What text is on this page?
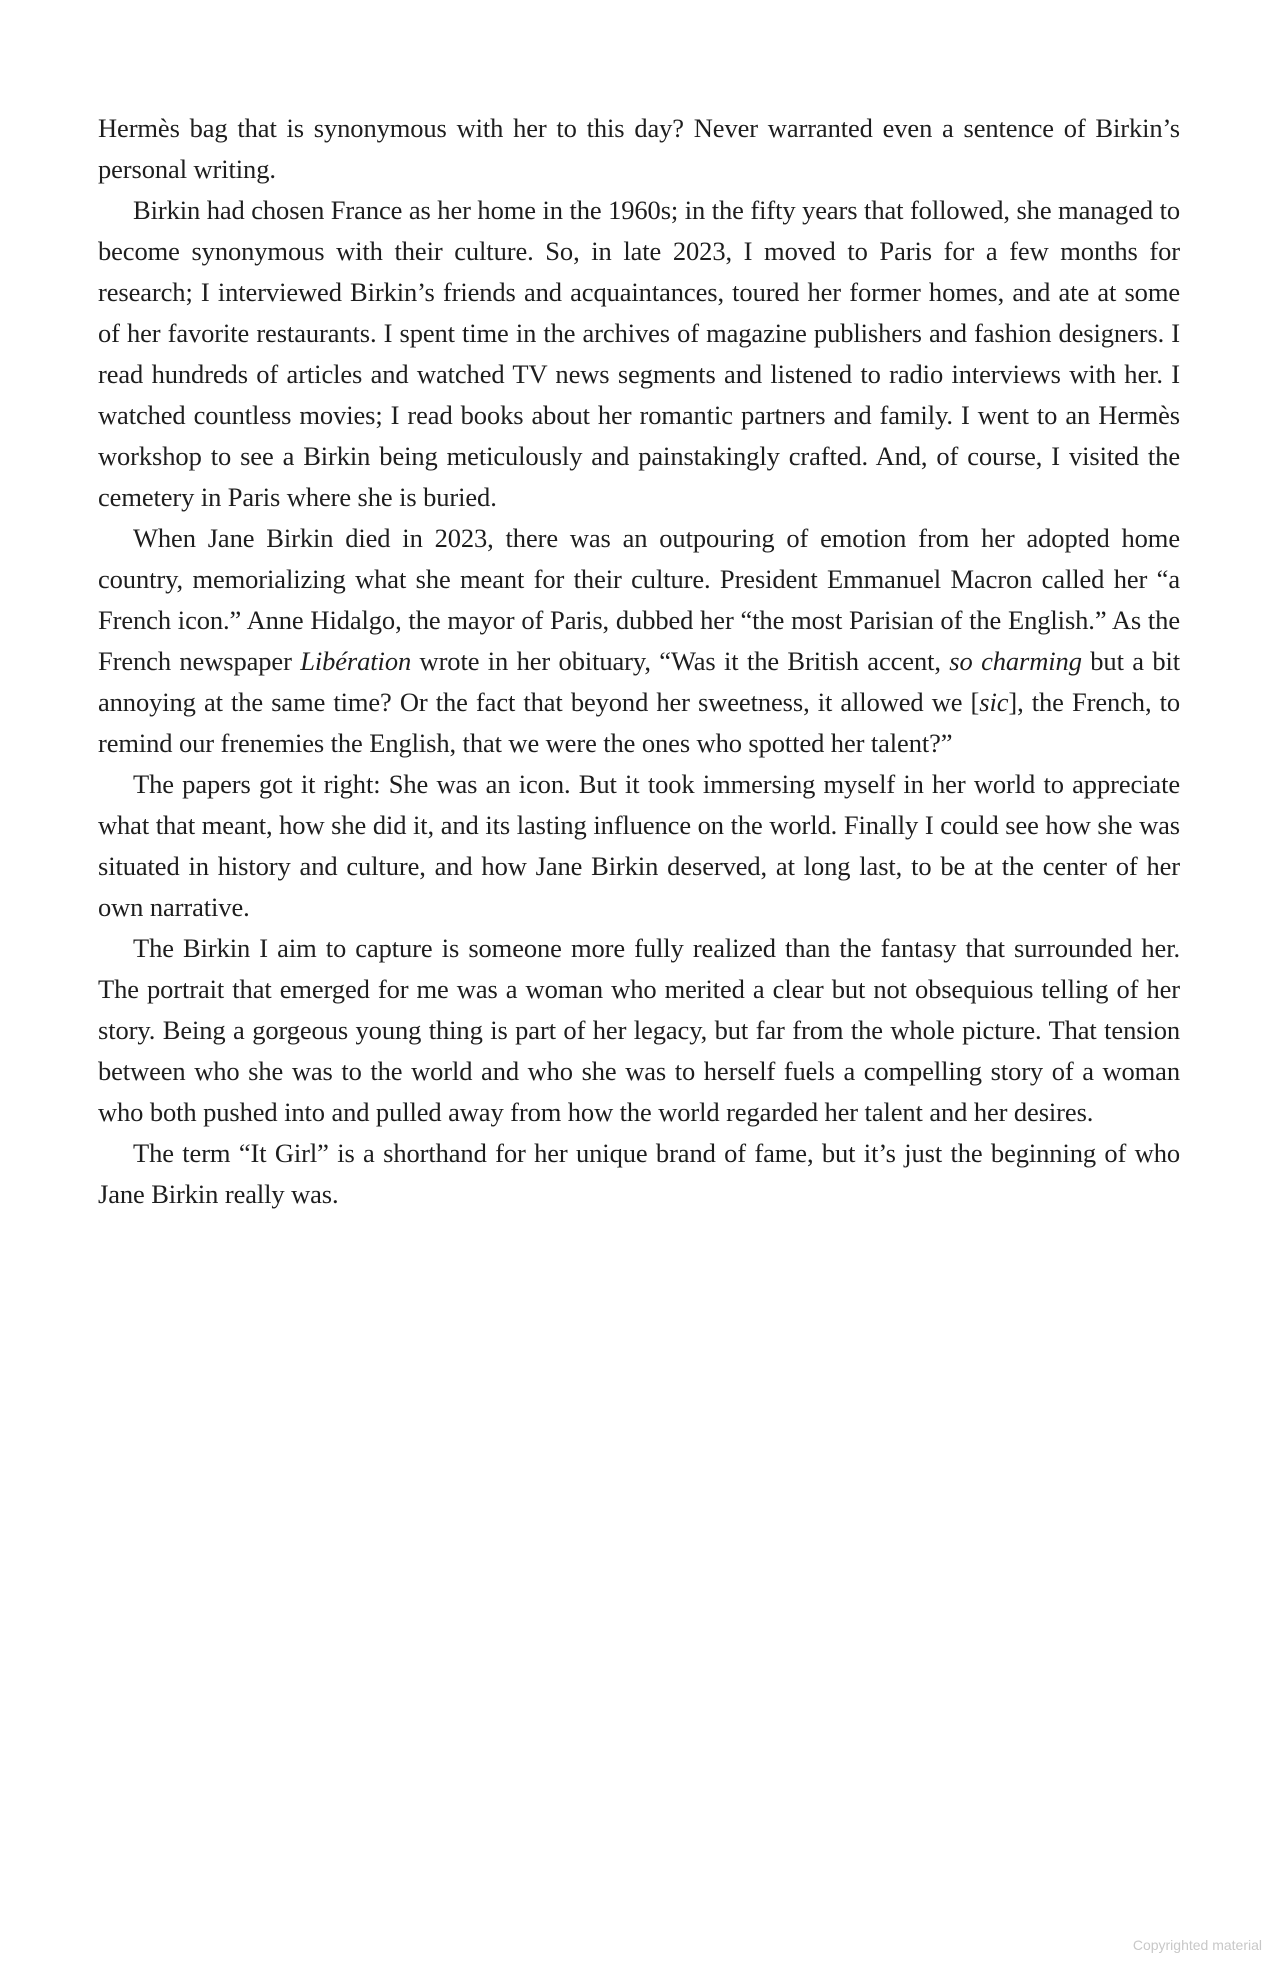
Hermès bag that is synonymous with her to this day? Never warranted even a sentence of Birkin’s personal writing.

Birkin had chosen France as her home in the 1960s; in the fifty years that followed, she managed to become synonymous with their culture. So, in late 2023, I moved to Paris for a few months for research; I interviewed Birkin’s friends and acquaintances, toured her former homes, and ate at some of her favorite restaurants. I spent time in the archives of magazine publishers and fashion designers. I read hundreds of articles and watched TV news segments and listened to radio interviews with her. I watched countless movies; I read books about her romantic partners and family. I went to an Hermès workshop to see a Birkin being meticulously and painstakingly crafted. And, of course, I visited the cemetery in Paris where she is buried.

When Jane Birkin died in 2023, there was an outpouring of emotion from her adopted home country, memorializing what she meant for their culture. President Emmanuel Macron called her “a French icon.” Anne Hidalgo, the mayor of Paris, dubbed her “the most Parisian of the English.” As the French newspaper Libération wrote in her obituary, “Was it the British accent, so charming but a bit annoying at the same time? Or the fact that beyond her sweetness, it allowed we [sic], the French, to remind our frenemies the English, that we were the ones who spotted her talent?”

The papers got it right: She was an icon. But it took immersing myself in her world to appreciate what that meant, how she did it, and its lasting influence on the world. Finally I could see how she was situated in history and culture, and how Jane Birkin deserved, at long last, to be at the center of her own narrative.

The Birkin I aim to capture is someone more fully realized than the fantasy that surrounded her. The portrait that emerged for me was a woman who merited a clear but not obsequious telling of her story. Being a gorgeous young thing is part of her legacy, but far from the whole picture. That tension between who she was to the world and who she was to herself fuels a compelling story of a woman who both pushed into and pulled away from how the world regarded her talent and her desires.

The term “It Girl” is a shorthand for her unique brand of fame, but it’s just the beginning of who Jane Birkin really was.

Copyrighted material
